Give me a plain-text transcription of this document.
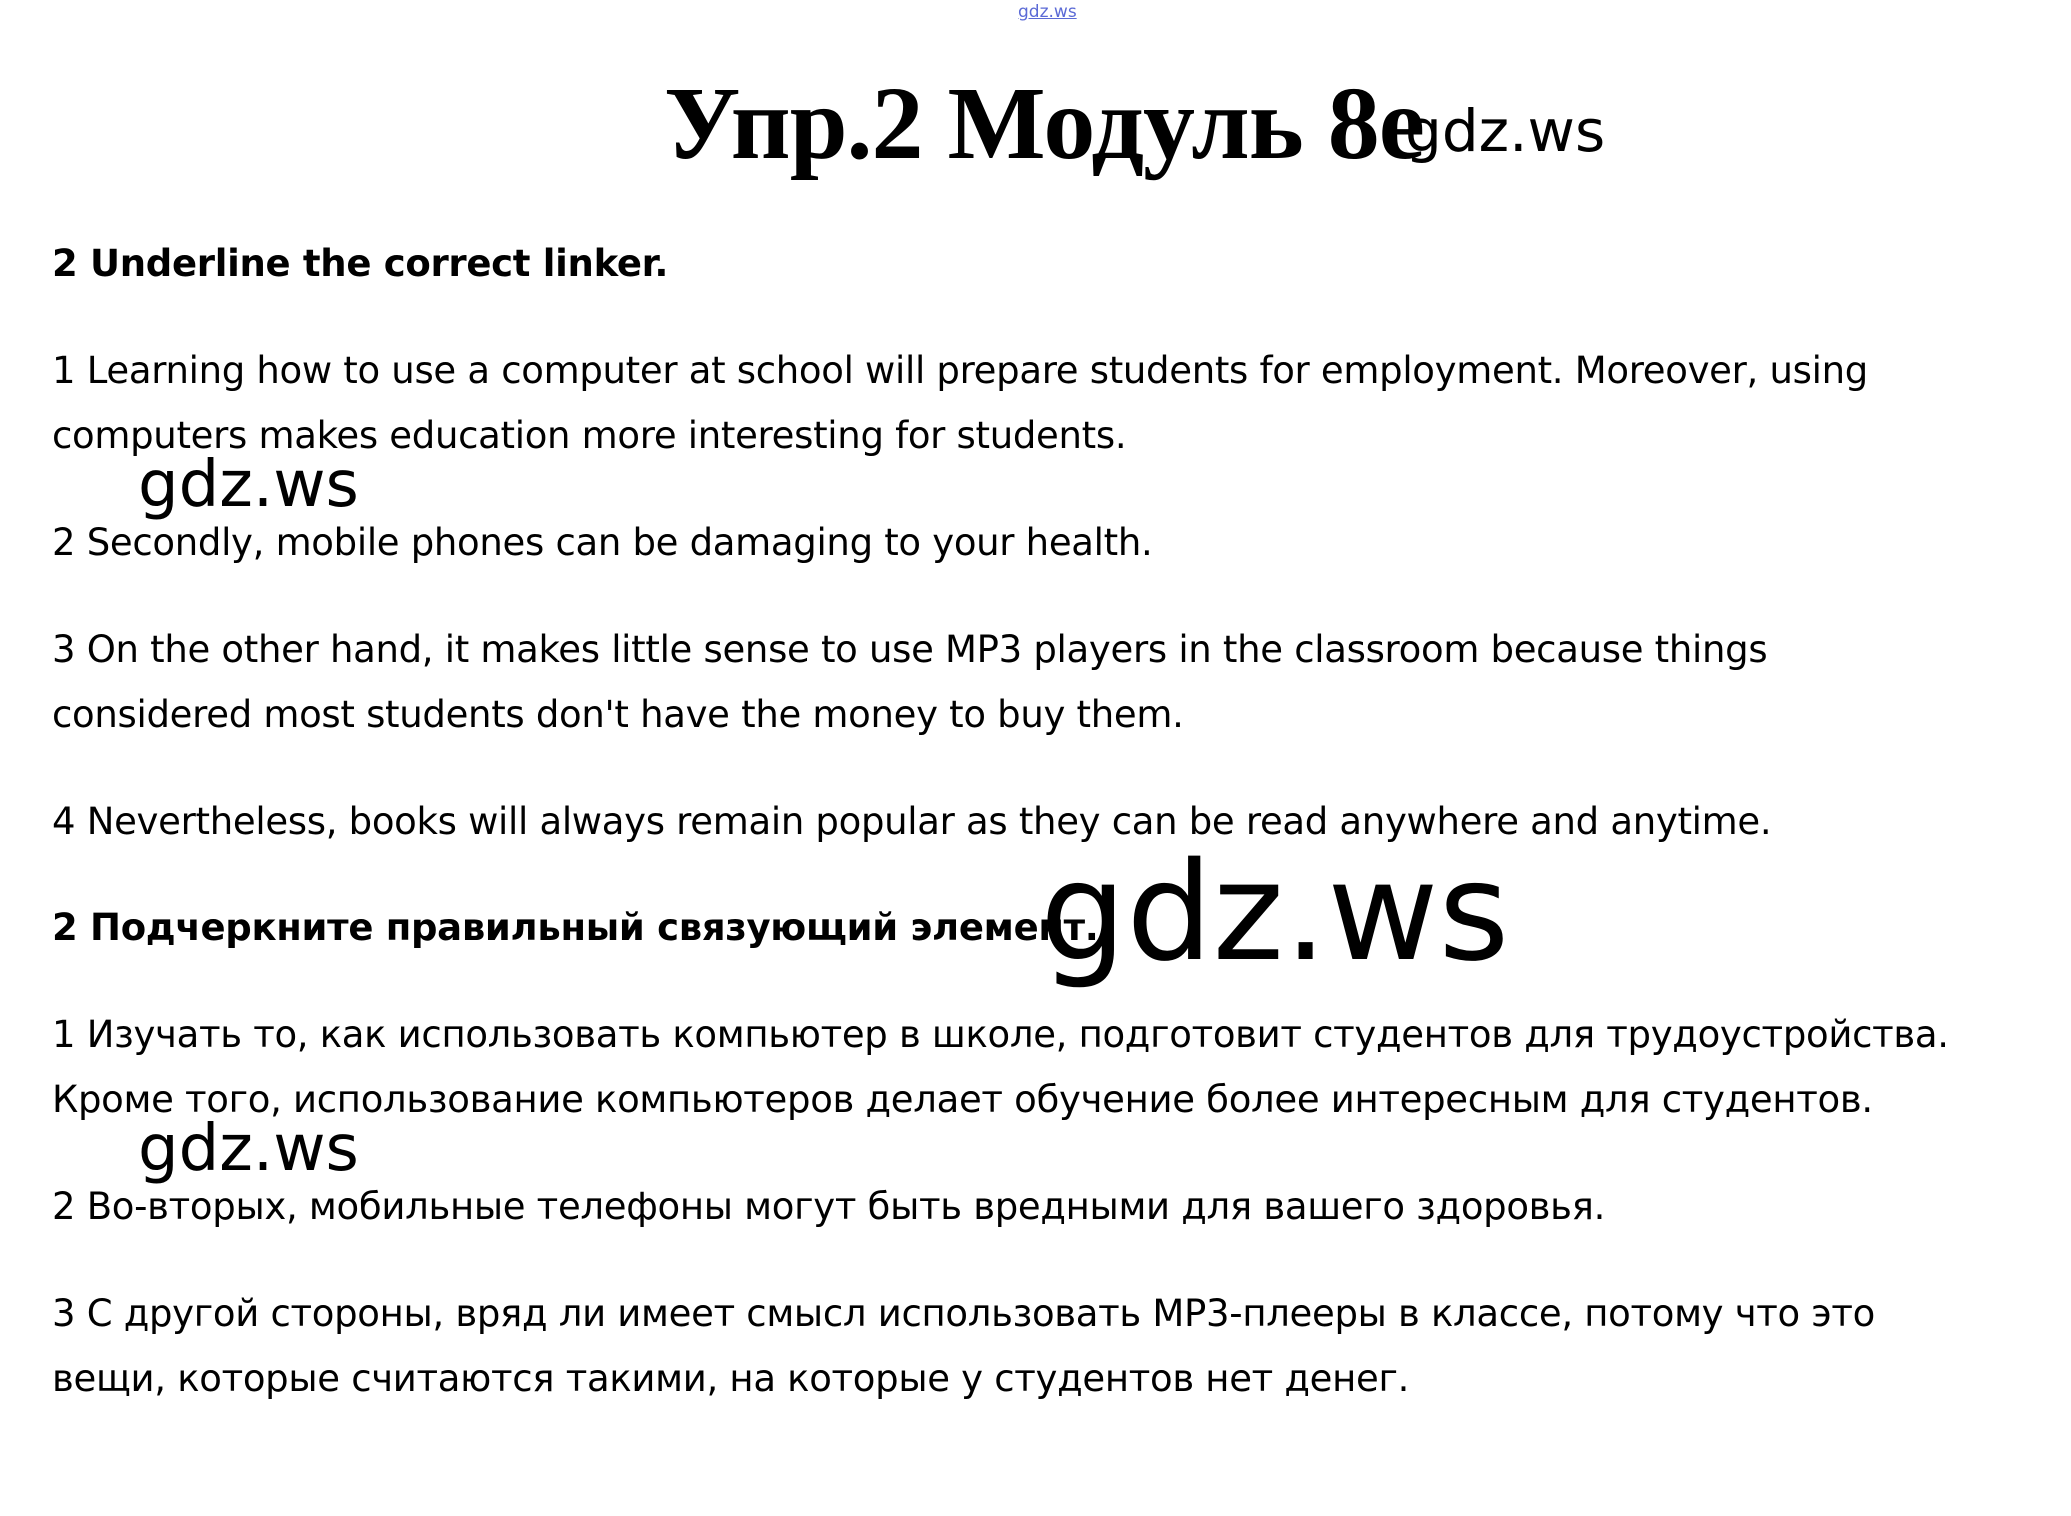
gdz.ws
Упр.2 Модуль 8e
gdz.ws
2 Underline the correct linker.
1 Learning how to use a computer at school will prepare students for employment. Moreover, using
computers makes education more interesting for students.
2 Secondly, mobile phones can be damaging to your health.
3 On the other hand, it makes little sense to use MP3 players in the classroom because things
considered most students don't have the money to buy them.
4 Nevertheless, books will always remain popular as they can be read anywhere and anytime.
2 Подчеркните правильный связующий элемент.
1 Изучать то, как использовать компьютер в школе, подготовит студентов для трудоустройства.
Кроме того, использование компьютеров делает обучение более интересным для студентов.
2 Во-вторых, мобильные телефоны могут быть вредными для вашего здоровья.
3 С другой стороны, вряд ли имеет смысл использовать MP3-плееры в классе, потому что это
вещи, которые считаются такими, на которые у студентов нет денег.
gdz.ws
gdz.ws
gdz.ws
